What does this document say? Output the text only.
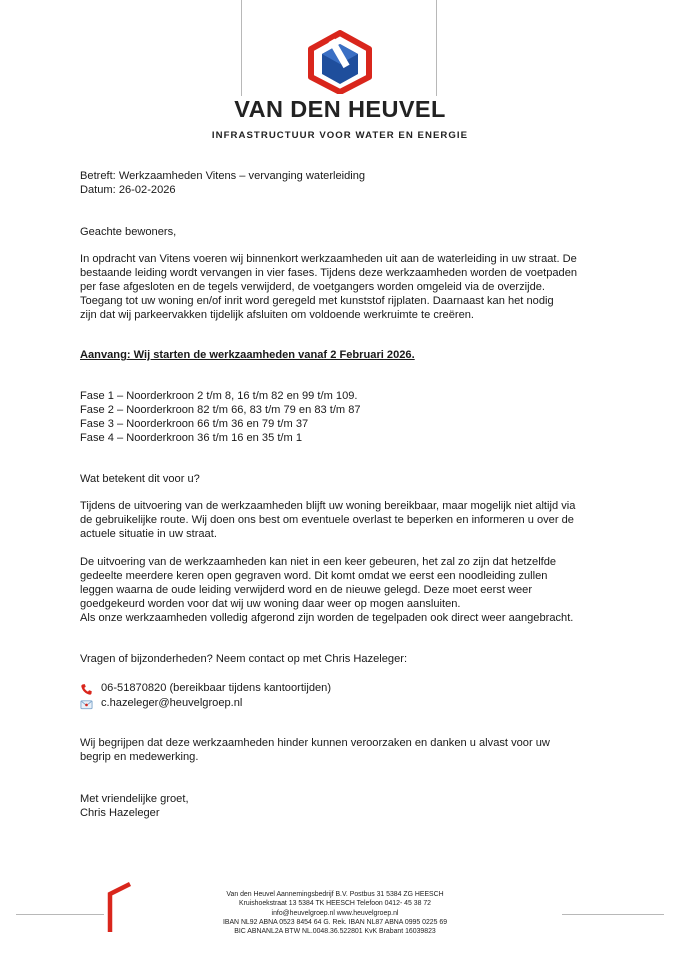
VAN DEN HEUVEL
INFRASTRUCTUUR VOOR WATER EN ENERGIE
Betreft: Werkzaamheden Vitens – vervanging waterleiding
Datum: 26-02-2026
Geachte bewoners,
In opdracht van Vitens voeren wij binnenkort werkzaamheden uit aan de waterleiding in uw straat. De
bestaande leiding wordt vervangen in vier fases. Tijdens deze werkzaamheden worden de voetpaden
per fase afgesloten en de tegels verwijderd, de voetgangers worden omgeleid via de overzijde.
Toegang tot uw woning en/of inrit word geregeld met kunststof rijplaten. Daarnaast kan het nodig
zijn dat wij parkeervakken tijdelijk afsluiten om voldoende werkruimte te creëren.
Aanvang: Wij starten de werkzaamheden vanaf 2 Februari 2026.
Fase 1 – Noorderkroon 2 t/m 8, 16 t/m 82 en 99 t/m 109.
Fase 2 – Noorderkroon 82 t/m 66, 83 t/m 79 en 83 t/m 87
Fase 3 – Noorderkroon 66 t/m 36 en 79 t/m 37
Fase 4 – Noorderkroon 36 t/m 16 en 35 t/m 1
Wat betekent dit voor u?
Tijdens de uitvoering van de werkzaamheden blijft uw woning bereikbaar, maar mogelijk niet altijd via
de gebruikelijke route. Wij doen ons best om eventuele overlast te beperken en informeren u over de
actuele situatie in uw straat.
De uitvoering van de werkzaamheden kan niet in een keer gebeuren, het zal zo zijn dat hetzelfde
gedeelte meerdere keren open gegraven word. Dit komt omdat we eerst een noodleiding zullen
leggen waarna de oude leiding verwijderd word en de nieuwe gelegd. Deze moet eerst weer
goedgekeurd worden voor dat wij uw woning daar weer op mogen aansluiten.
Als onze werkzaamheden volledig afgerond zijn worden de tegelpaden ook direct weer aangebracht.
Vragen of bijzonderheden? Neem contact op met Chris Hazeleger:
06-51870820 (bereikbaar tijdens kantoortijden)
c.hazeleger@heuvelgroep.nl
Wij begrijpen dat deze werkzaamheden hinder kunnen veroorzaken en danken u alvast voor uw
begrip en medewerking.
Met vriendelijke groet,
Chris Hazeleger
Van den Heuvel Aannemingsbedrijf B.V. Postbus 31 5384 ZG HEESCH
Kruishoekstraat 13 5384 TK HEESCH Telefoon 0412- 45 38 72
info@heuvelgroep.nl www.heuvelgroep.nl
IBAN NL92 ABNA 0523 8454 64 G. Rek. IBAN NL87 ABNA 0995 0225 69
BIC ABNANL2A BTW NL.0048.36.522801 KvK Brabant 16039823
